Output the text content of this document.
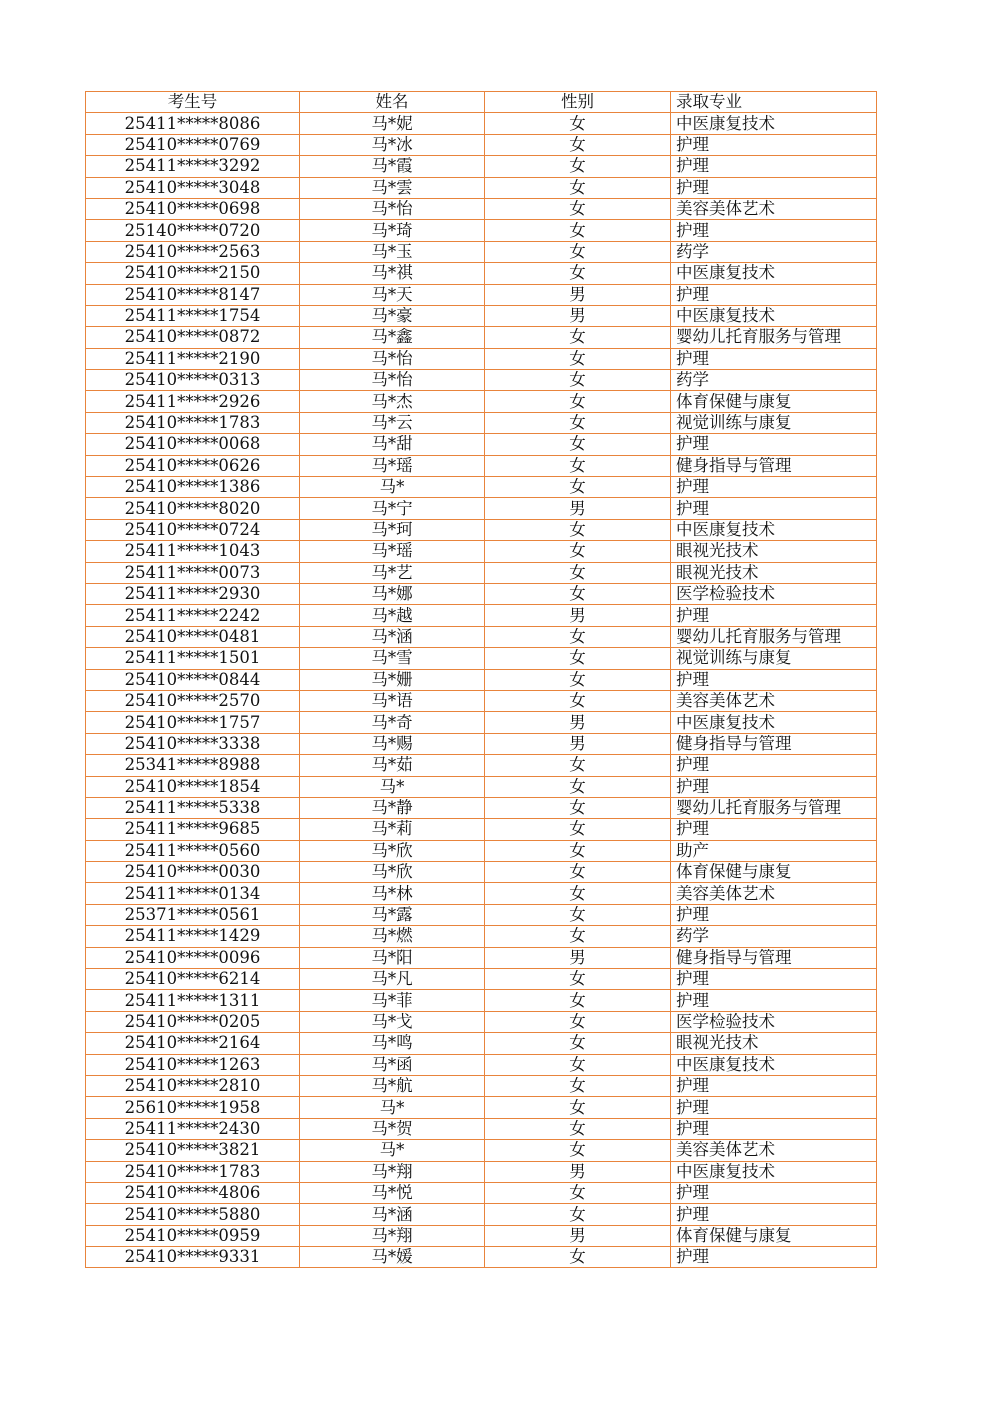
考生号	姓名	性别	录取专业
25411*****8086	马*妮	女	中医康复技术
25410*****0769	马*冰	女	护理
25411*****3292	马*霞	女	护理
25410*****3048	马*雲	女	护理
25410*****0698	马*怡	女	美容美体艺术
25140*****0720	马*琦	女	护理
25410*****2563	马*玉	女	药学
25410*****2150	马*祺	女	中医康复技术
25410*****8147	马*天	男	护理
25411*****1754	马*豪	男	中医康复技术
25410*****0872	马*鑫	女	婴幼儿托育服务与管理
25411*****2190	马*怡	女	护理
25410*****0313	马*怡	女	药学
25411*****2926	马*杰	女	体育保健与康复
25410*****1783	马*云	女	视觉训练与康复
25410*****0068	马*甜	女	护理
25410*****0626	马*瑶	女	健身指导与管理
25410*****1386	马*	女	护理
25410*****8020	马*宁	男	护理
25410*****0724	马*珂	女	中医康复技术
25411*****1043	马*瑶	女	眼视光技术
25411*****0073	马*艺	女	眼视光技术
25411*****2930	马*娜	女	医学检验技术
25411*****2242	马*越	男	护理
25410*****0481	马*涵	女	婴幼儿托育服务与管理
25411*****1501	马*雪	女	视觉训练与康复
25410*****0844	马*姗	女	护理
25410*****2570	马*语	女	美容美体艺术
25410*****1757	马*奇	男	中医康复技术
25410*****3338	马*赐	男	健身指导与管理
25341*****8988	马*茹	女	护理
25410*****1854	马*	女	护理
25411*****5338	马*静	女	婴幼儿托育服务与管理
25411*****9685	马*莉	女	护理
25411*****0560	马*欣	女	助产
25410*****0030	马*欣	女	体育保健与康复
25411*****0134	马*林	女	美容美体艺术
25371*****0561	马*露	女	护理
25411*****1429	马*燃	女	药学
25410*****0096	马*阳	男	健身指导与管理
25410*****6214	马*凡	女	护理
25411*****1311	马*菲	女	护理
25410*****0205	马*戈	女	医学检验技术
25410*****2164	马*鸣	女	眼视光技术
25410*****1263	马*函	女	中医康复技术
25410*****2810	马*航	女	护理
25610*****1958	马*	女	护理
25411*****2430	马*贺	女	护理
25410*****3821	马*	女	美容美体艺术
25410*****1783	马*翔	男	中医康复技术
25410*****4806	马*悦	女	护理
25410*****5880	马*涵	女	护理
25410*****0959	马*翔	男	体育保健与康复
25410*****9331	马*媛	女	护理
